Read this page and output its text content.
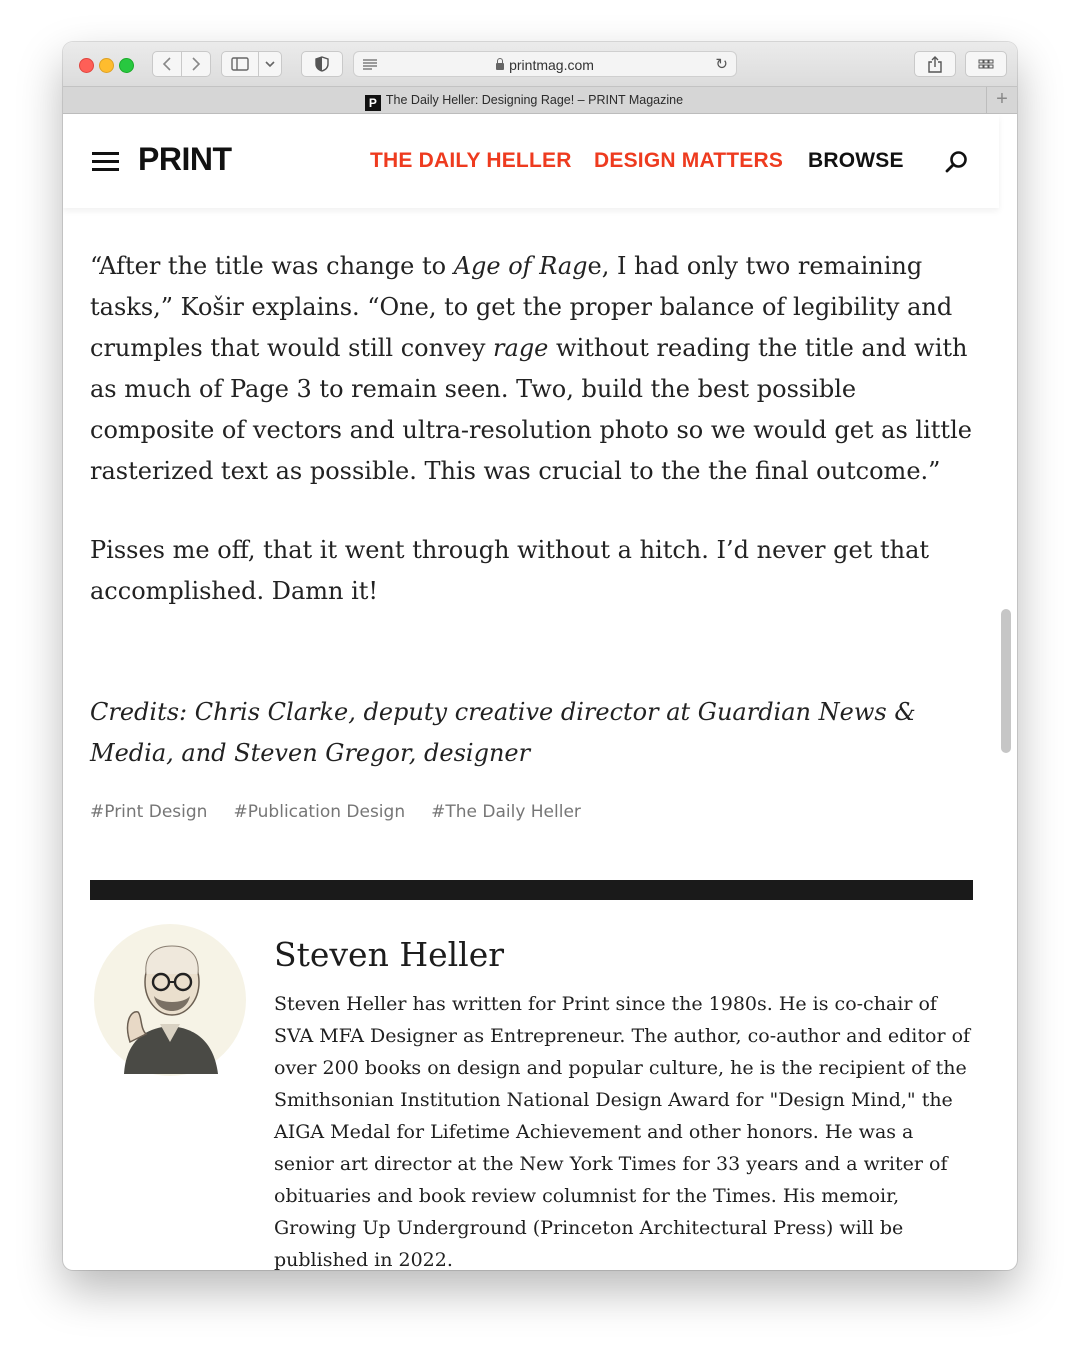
printmag.com	↻
P The Daily Heller: Designing Rage! – PRINT Magazine	+
PRINT	THE DAILY HELLER DESIGN MATTERS BROWSE

“After the title was change to Age of Rage, I had only two remaining tasks,” Košir explains. “One, to get the proper balance of legibility and crumples that would still convey rage without reading the title and with as much of Page 3 to remain seen. Two, build the best possible composite of vectors and ultra-resolution photo so we would get as little rasterized text as possible. This was crucial to the the final outcome.”

Pisses me off, that it went through without a hitch. I’d never get that accomplished. Damn it!

Credits: Chris Clarke, deputy creative director at Guardian News & Media, and Steven Gregor, designer

#Print Design #Publication Design #The Daily Heller
Steven Heller
Steven Heller has written for Print since the 1980s. He is co-chair of SVA MFA Designer as Entrepreneur. The author, co-author and editor of over 200 books on design and popular culture, he is the recipient of the Smithsonian Institution National Design Award for "Design Mind," the AIGA Medal for Lifetime Achievement and other honors. He was a senior art director at the New York Times for 33 years and a writer of obituaries and book review columnist for the Times. His memoir, Growing Up Underground (Princeton Architectural Press) will be published in 2022.
